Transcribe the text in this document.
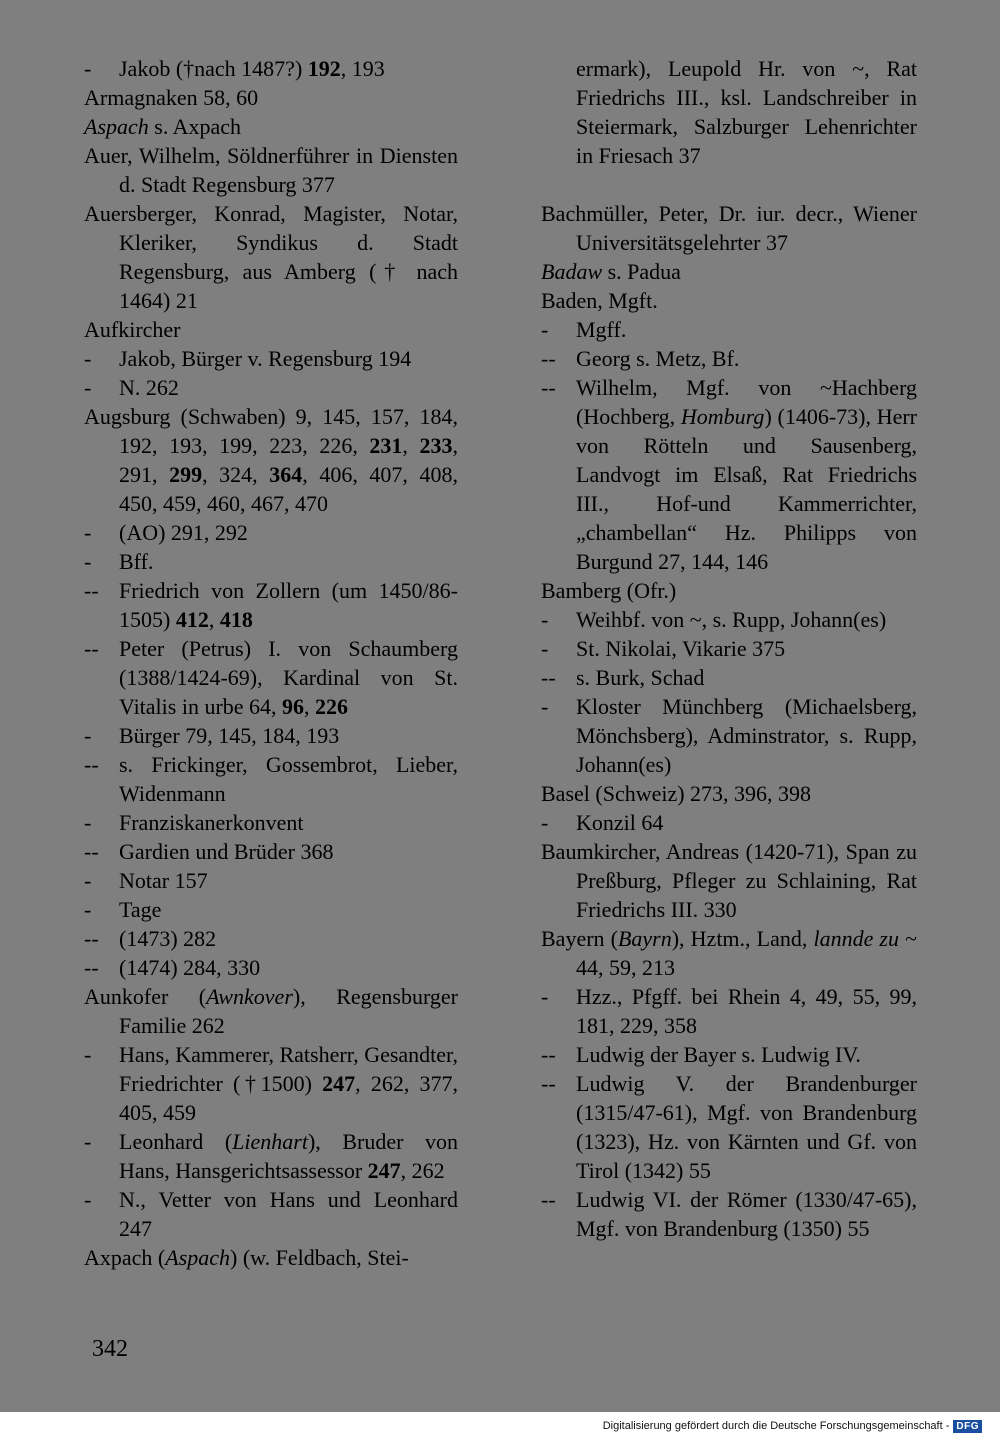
- Jakob (†nach 1487?) 192, 193
Armagnaken 58, 60
Aspach s. Axpach
Auer, Wilhelm, Söldnerführer in Diensten d. Stadt Regensburg 377
Auersberger, Konrad, Magister, Notar, Kleriker, Syndikus d. Stadt Regensburg, aus Amberg († nach 1464) 21
Aufkircher
- Jakob, Bürger v. Regensburg 194
- N. 262
Augsburg (Schwaben) 9, 145, 157, 184, 192, 193, 199, 223, 226, 231, 233, 291, 299, 324, 364, 406, 407, 408, 450, 459, 460, 467, 470
- (AO) 291, 292
- Bff.
-- Friedrich von Zollern (um 1450/86-1505) 412, 418
-- Peter (Petrus) I. von Schaumberg (1388/1424-69), Kardinal von St. Vitalis in urbe 64, 96, 226
- Bürger 79, 145, 184, 193
-- s. Frickinger, Gossembrot, Lieber, Widenmann
- Franziskanerkonvent
-- Gardien und Brüder 368
- Notar 157
- Tage
-- (1473) 282
-- (1474) 284, 330
Aunkofer (Awnkover), Regensburger Familie 262
- Hans, Kammerer, Ratsherr, Gesandter, Friedrichter (†1500) 247, 262, 377, 405, 459
- Leonhard (Lienhart), Bruder von Hans, Hansgerichtsassessor 247, 262
- N., Vetter von Hans und Leonhard 247
Axpach (Aspach) (w. Feldbach, Stei-
ermark), Leupold Hr. von ~, Rat Friedrichs III., ksl. Landschreiber in Steiermark, Salzburger Lehenrichter in Friesach 37
Bachmüller, Peter, Dr. iur. decr., Wiener Universitätsgelehrter 37
Badaw s. Padua
Baden, Mgft.
- Mgff.
-- Georg s. Metz, Bf.
-- Wilhelm, Mgf. von ~Hachberg (Hochberg, Homburg) (1406-73), Herr von Rötteln und Sausenberg, Landvogt im Elsaß, Rat Friedrichs III., Hof-und Kammerrichter, „chambellan“ Hz. Philipps von Burgund 27, 144, 146
Bamberg (Ofr.)
- Weihbf. von ~, s. Rupp, Johann(es)
- St. Nikolai, Vikarie 375
-- s. Burk, Schad
- Kloster Münchberg (Michaelsberg, Mönchsberg), Adminstrator, s. Rupp, Johann(es)
Basel (Schweiz) 273, 396, 398
- Konzil 64
Baumkircher, Andreas (1420-71), Span zu Preßburg, Pfleger zu Schlaining, Rat Friedrichs III. 330
Bayern (Bayrn), Hztm., Land, lannde zu ~ 44, 59, 213
- Hzz., Pfgff. bei Rhein 4, 49, 55, 99, 181, 229, 358
-- Ludwig der Bayer s. Ludwig IV.
-- Ludwig V. der Brandenburger (1315/47-61), Mgf. von Brandenburg (1323), Hz. von Kärnten und Gf. von Tirol (1342) 55
-- Ludwig VI. der Römer (1330/47-65), Mgf. von Brandenburg (1350) 55
342
Digitalisierung gefördert durch die Deutsche Forschungsgemeinschaft - DFG
